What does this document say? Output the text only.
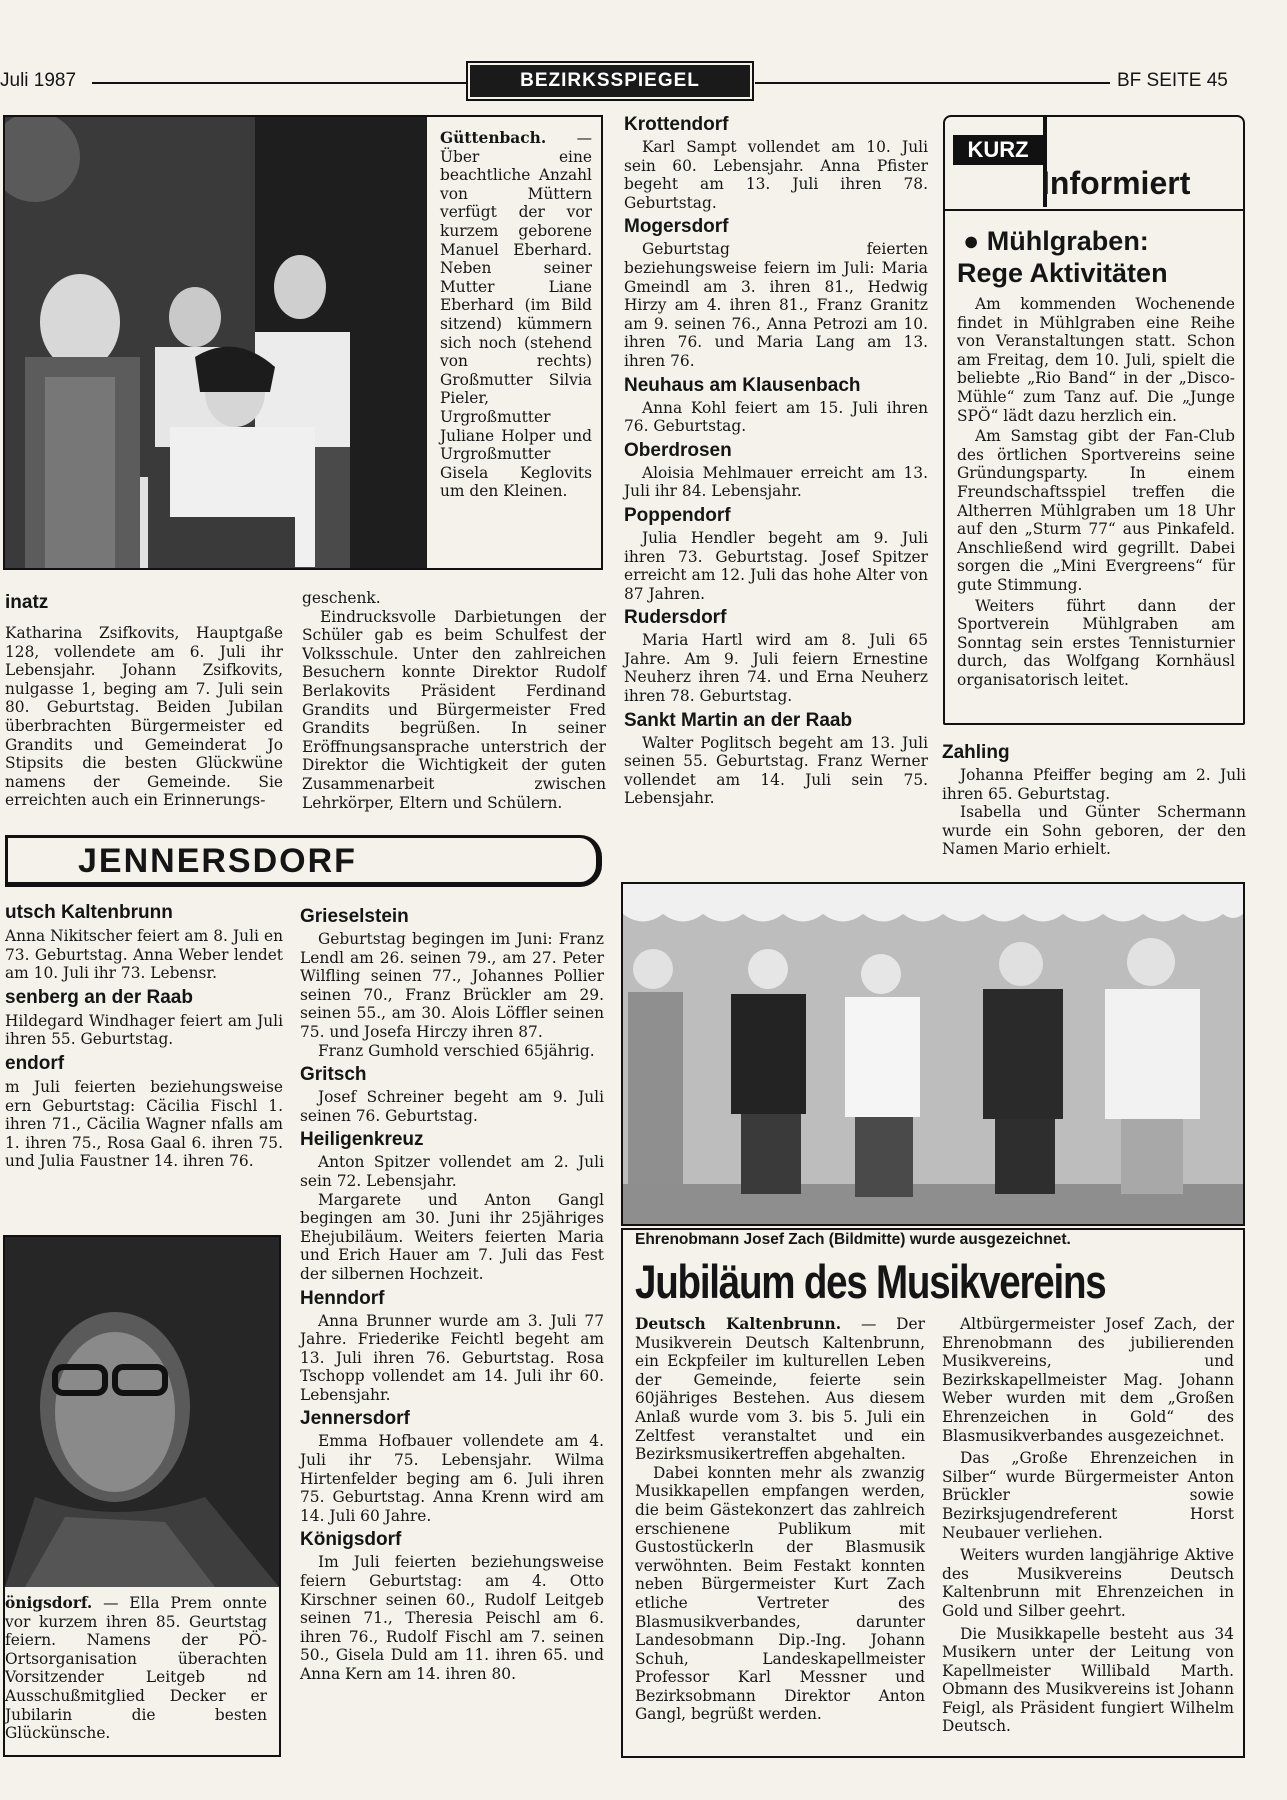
Juli 1987	BEZIRKSSPIEGEL	BF SEITE 45
Güttenbach. — Über eine beachtliche Anzahl von Müttern verfügt der vor kurzem geborene Manuel Eberhard. Neben seiner Mutter Liane Eberhard (im Bild sitzend) kümmern sich noch (stehend von rechts) Großmutter Silvia Pieler, Urgroßmutter Juliane Holper und Urgroßmutter Gisela Keglovits um den Kleinen.
inatz
Katharina Zsifkovits, Hauptgaße 128, vollendete am 6. Juli ihr Lebensjahr. Johann Zsifkovits, nulgasse 1, beging am 7. Juli sein 80. Geburtstag. Beiden Jubilan überbrachten Bürgermeister ed Grandits und Gemeinderat Jo Stipsits die besten Glückwüne namens der Gemeinde. Sie erreichten auch ein Erinnerungs-
geschenk.
Eindrucksvolle Darbietungen der Schüler gab es beim Schulfest der Volksschule. Unter den zahlreichen Besuchern konnte Direktor Rudolf Berlakovits Präsident Ferdinand Grandits und Bürgermeister Fred Grandits begrüßen. In seiner Eröffnungsansprache unterstrich der Direktor die Wichtigkeit der guten Zusammenarbeit zwischen Lehrkörper, Eltern und Schülern.
Krottendorf
Karl Sampt vollendet am 10. Juli sein 60. Lebensjahr. Anna Pfister begeht am 13. Juli ihren 78. Geburtstag.
Mogersdorf
Geburtstag feierten beziehungsweise feiern im Juli: Maria Gmeindl am 3. ihren 81., Hedwig Hirzy am 4. ihren 81., Franz Granitz am 9. seinen 76., Anna Petrozi am 10. ihren 76. und Maria Lang am 13. ihren 76.
Neuhaus am Klausenbach
Anna Kohl feiert am 15. Juli ihren 76. Geburtstag.
Oberdrosen
Aloisia Mehlmauer erreicht am 13. Juli ihr 84. Lebensjahr.
Poppendorf
Julia Hendler begeht am 9. Juli ihren 73. Geburtstag. Josef Spitzer erreicht am 12. Juli das hohe Alter von 87 Jahren.
Rudersdorf
Maria Hartl wird am 8. Juli 65 Jahre. Am 9. Juli feiern Ernestine Neuherz ihren 74. und Erna Neuherz ihren 78. Geburtstag.
Sankt Martin an der Raab
Walter Poglitsch begeht am 13. Juli seinen 55. Geburtstag. Franz Werner vollendet am 14. Juli sein 75. Lebensjahr.
KURZ
Informiert
● Mühlgraben:
Rege Aktivitäten
Am kommenden Wochenende findet in Mühlgraben eine Reihe von Veranstaltungen statt. Schon am Freitag, dem 10. Juli, spielt die beliebte „Rio Band“ in der „Disco-Mühle“ zum Tanz auf. Die „Junge SPÖ“ lädt dazu herzlich ein.
Am Samstag gibt der Fan-Club des örtlichen Sportvereins seine Gründungsparty. In einem Freundschaftsspiel treffen die Altherren Mühlgraben um 18 Uhr auf den „Sturm 77“ aus Pinkafeld. Anschließend wird gegrillt. Dabei sorgen die „Mini Evergreens“ für gute Stimmung.
Weiters führt dann der Sportverein Mühlgraben am Sonntag sein erstes Tennisturnier durch, das Wolfgang Kornhäusl organisatorisch leitet.
Zahling
Johanna Pfeiffer beging am 2. Juli ihren 65. Geburtstag.
Isabella und Günter Schermann wurde ein Sohn geboren, der den Namen Mario erhielt.
JENNERSDORF
utsch Kaltenbrunn
Anna Nikitscher feiert am 8. Juli en 73. Geburtstag. Anna Weber lendet am 10. Juli ihr 73. Lebensr.
senberg an der Raab
Hildegard Windhager feiert am Juli ihren 55. Geburtstag.
endorf
m Juli feierten beziehungsweise ern Geburtstag: Cäcilia Fischl 1. ihren 71., Cäcilia Wagner nfalls am 1. ihren 75., Rosa Gaal 6. ihren 75. und Julia Faustner 14. ihren 76.
önigsdorf. — Ella Prem onnte vor kurzem ihren 85. Geurtstag feiern. Namens der PÖ-Ortsorganisation überachten Vorsitzender Leitgeb nd Ausschußmitglied Decker er Jubilarin die besten Glückünsche.
Grieselstein
Geburtstag begingen im Juni: Franz Lendl am 26. seinen 79., am 27. Peter Wilfling seinen 77., Johannes Pollier seinen 70., Franz Brückler am 29. seinen 55., am 30. Alois Löffler seinen 75. und Josefa Hirczy ihren 87.
Franz Gumhold verschied 65jährig.
Gritsch
Josef Schreiner begeht am 9. Juli seinen 76. Geburtstag.
Heiligenkreuz
Anton Spitzer vollendet am 2. Juli sein 72. Lebensjahr.
Margarete und Anton Gangl begingen am 30. Juni ihr 25jähriges Ehejubiläum. Weiters feierten Maria und Erich Hauer am 7. Juli das Fest der silbernen Hochzeit.
Henndorf
Anna Brunner wurde am 3. Juli 77 Jahre. Friederike Feichtl begeht am 13. Juli ihren 76. Geburtstag. Rosa Tschopp vollendet am 14. Juli ihr 60. Lebensjahr.
Jennersdorf
Emma Hofbauer vollendete am 4. Juli ihr 75. Lebensjahr. Wilma Hirtenfelder beging am 6. Juli ihren 75. Geburtstag. Anna Krenn wird am 14. Juli 60 Jahre.
Königsdorf
Im Juli feierten beziehungsweise feiern Geburtstag: am 4. Otto Kirschner seinen 60., Rudolf Leitgeb seinen 71., Theresia Peischl am 6. ihren 76., Rudolf Fischl am 7. seinen 50., Gisela Duld am 11. ihren 65. und Anna Kern am 14. ihren 80.
Ehrenobmann Josef Zach (Bildmitte) wurde ausgezeichnet.
Jubiläum des Musikvereins
Deutsch Kaltenbrunn. — Der Musikverein Deutsch Kaltenbrunn, ein Eckpfeiler im kulturellen Leben der Gemeinde, feierte sein 60jähriges Bestehen. Aus diesem Anlaß wurde vom 3. bis 5. Juli ein Zeltfest veranstaltet und ein Bezirksmusikertreffen abgehalten.
Dabei konnten mehr als zwanzig Musikkapellen empfangen werden, die beim Gästekonzert das zahlreich erschienene Publikum mit Gustostückerln der Blasmusik verwöhnten. Beim Festakt konnten neben Bürgermeister Kurt Zach etliche Vertreter des Blasmusikverbandes, darunter Landesobmann Dip.-Ing. Johann Schuh, Landeskapellmeister Professor Karl Messner und Bezirksobmann Direktor Anton Gangl, begrüßt werden.
Altbürgermeister Josef Zach, der Ehrenobmann des jubilierenden Musikvereins, und Bezirkskapellmeister Mag. Johann Weber wurden mit dem „Großen Ehrenzeichen in Gold“ des Blasmusikverbandes ausgezeichnet.
Das „Große Ehrenzeichen in Silber“ wurde Bürgermeister Anton Brückler sowie Bezirksjugendreferent Horst Neubauer verliehen.
Weiters wurden langjährige Aktive des Musikvereins Deutsch Kaltenbrunn mit Ehrenzeichen in Gold und Silber geehrt.
Die Musikkapelle besteht aus 34 Musikern unter der Leitung von Kapellmeister Willibald Marth. Obmann des Musikvereins ist Johann Feigl, als Präsident fungiert Wilhelm Deutsch.
